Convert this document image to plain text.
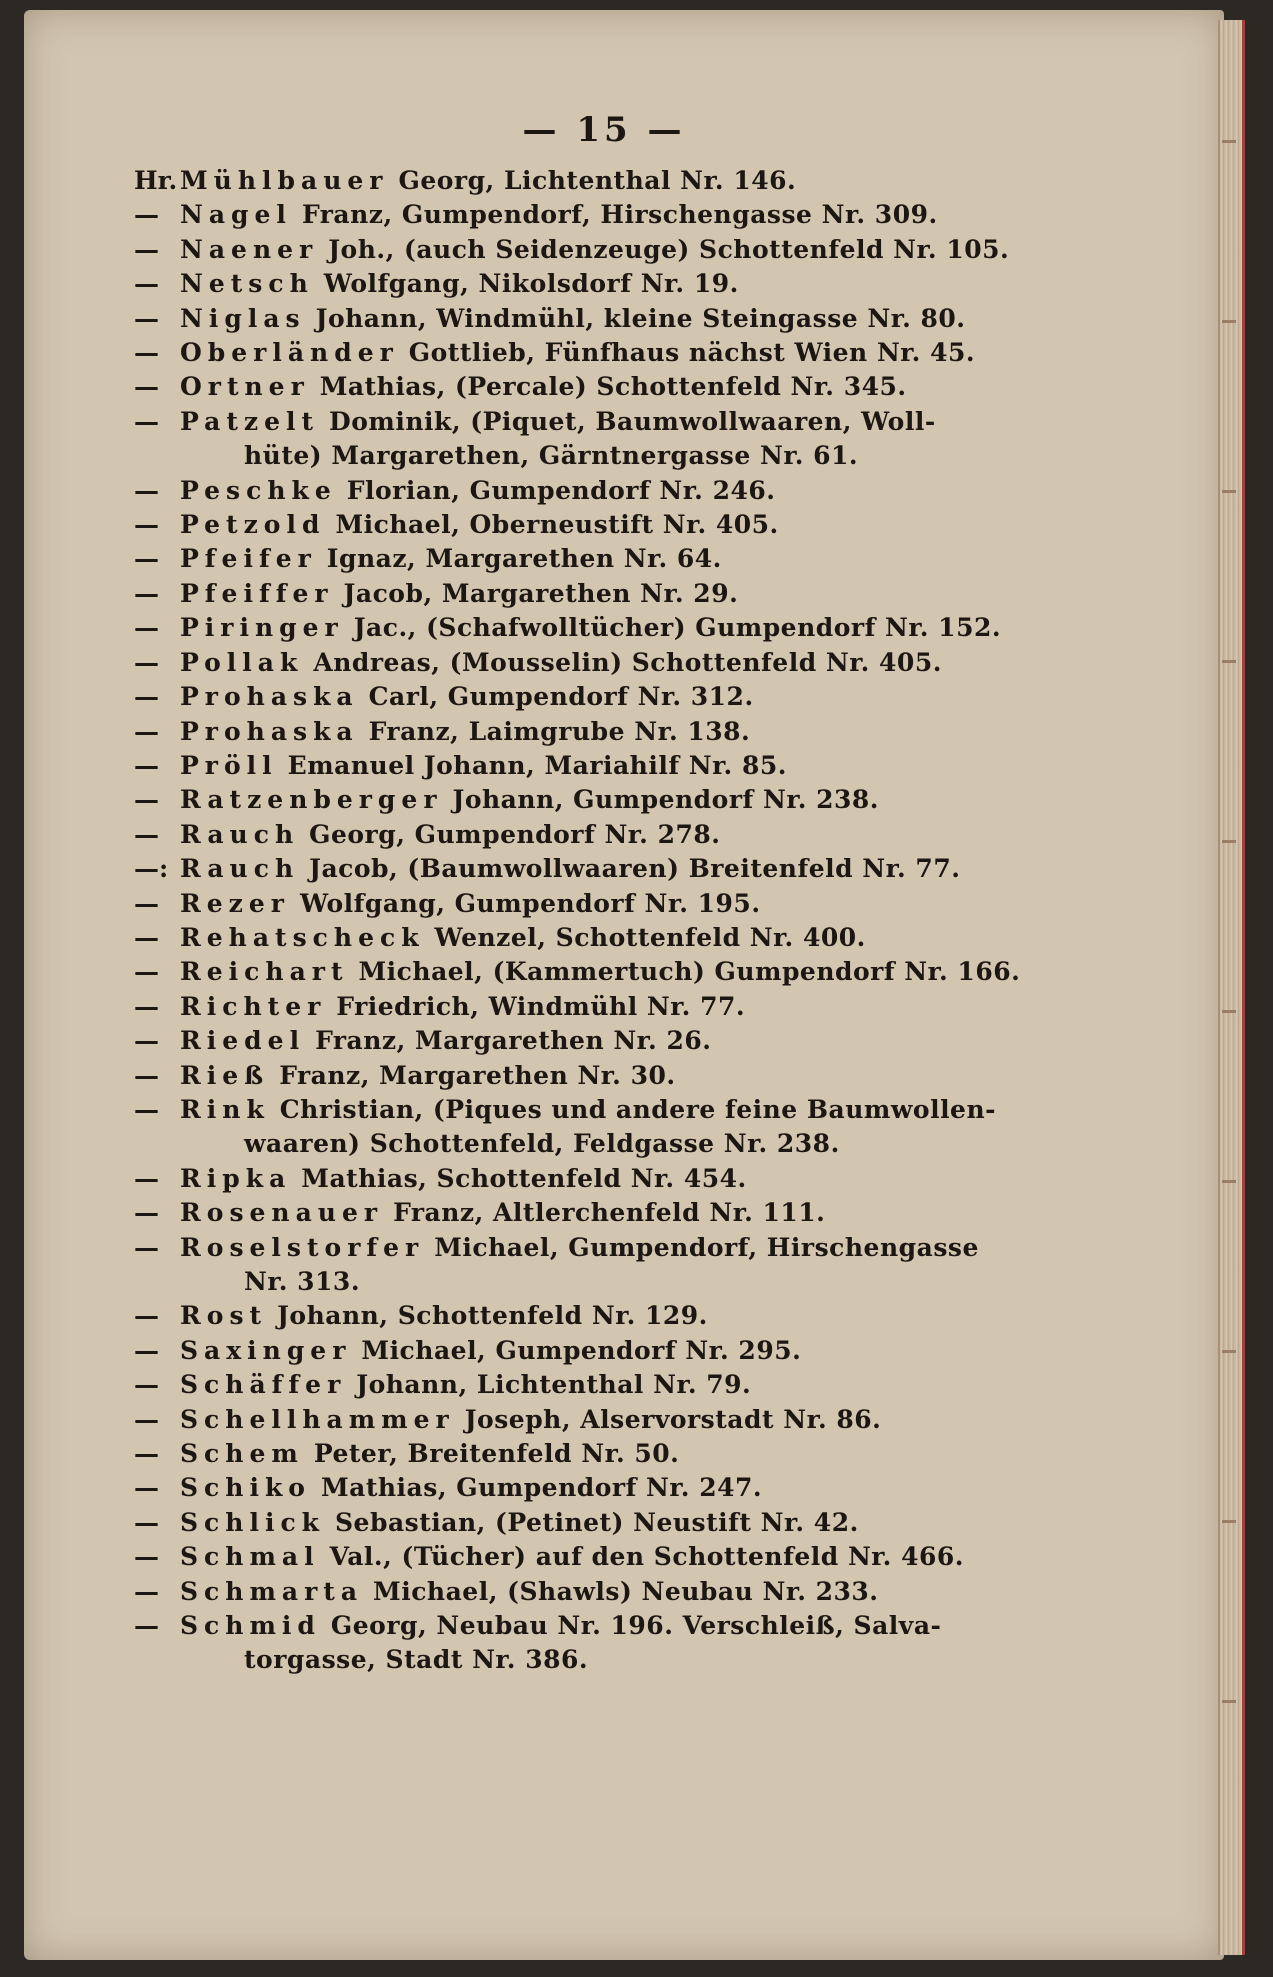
— 15 —
Hr. Mühlbauer Georg, Lichtenthal Nr. 146.
— Nagel Franz, Gumpendorf, Hirschengasse Nr. 309.
— Naener Joh., (auch Seidenzeuge) Schottenfeld Nr. 105.
— Netsch Wolfgang, Nikolsdorf Nr. 19.
— Niglas Johann, Windmühl, kleine Steingasse Nr. 80.
— Oberländer Gottlieb, Fünfhaus nächst Wien Nr. 45.
— Ortner Mathias, (Percale) Schottenfeld Nr. 345.
— Patzelt Dominik, (Piquet, Baumwollwaaren, Woll-
hüte) Margarethen, Gärntnergasse Nr. 61.
— Peschke Florian, Gumpendorf Nr. 246.
— Petzold Michael, Oberneustift Nr. 405.
— Pfeifer Ignaz, Margarethen Nr. 64.
— Pfeiffer Jacob, Margarethen Nr. 29.
— Piringer Jac., (Schafwolltücher) Gumpendorf Nr. 152.
— Pollak Andreas, (Mousselin) Schottenfeld Nr. 405.
— Prohaska Carl, Gumpendorf Nr. 312.
— Prohaska Franz, Laimgrube Nr. 138.
— Pröll Emanuel Johann, Mariahilf Nr. 85.
— Ratzenberger Johann, Gumpendorf Nr. 238.
— Rauch Georg, Gumpendorf Nr. 278.
—: Rauch Jacob, (Baumwollwaaren) Breitenfeld Nr. 77.
— Rezer Wolfgang, Gumpendorf Nr. 195.
— Rehatscheck Wenzel, Schottenfeld Nr. 400.
— Reichart Michael, (Kammertuch) Gumpendorf Nr. 166.
— Richter Friedrich, Windmühl Nr. 77.
— Riedel Franz, Margarethen Nr. 26.
— Rieß Franz, Margarethen Nr. 30.
— Rink Christian, (Piques und andere feine Baumwollen-
waaren) Schottenfeld, Feldgasse Nr. 238.
— Ripka Mathias, Schottenfeld Nr. 454.
— Rosenauer Franz, Altlerchenfeld Nr. 111.
— Roselstorfer Michael, Gumpendorf, Hirschengasse
Nr. 313.
— Rost Johann, Schottenfeld Nr. 129.
— Saxinger Michael, Gumpendorf Nr. 295.
— Schäffer Johann, Lichtenthal Nr. 79.
— Schellhammer Joseph, Alservorstadt Nr. 86.
— Schem Peter, Breitenfeld Nr. 50.
— Schiko Mathias, Gumpendorf Nr. 247.
— Schlick Sebastian, (Petinet) Neustift Nr. 42.
— Schmal Val., (Tücher) auf den Schottenfeld Nr. 466.
— Schmarta Michael, (Shawls) Neubau Nr. 233.
— Schmid Georg, Neubau Nr. 196. Verschleiß, Salva-
torgasse, Stadt Nr. 386.
